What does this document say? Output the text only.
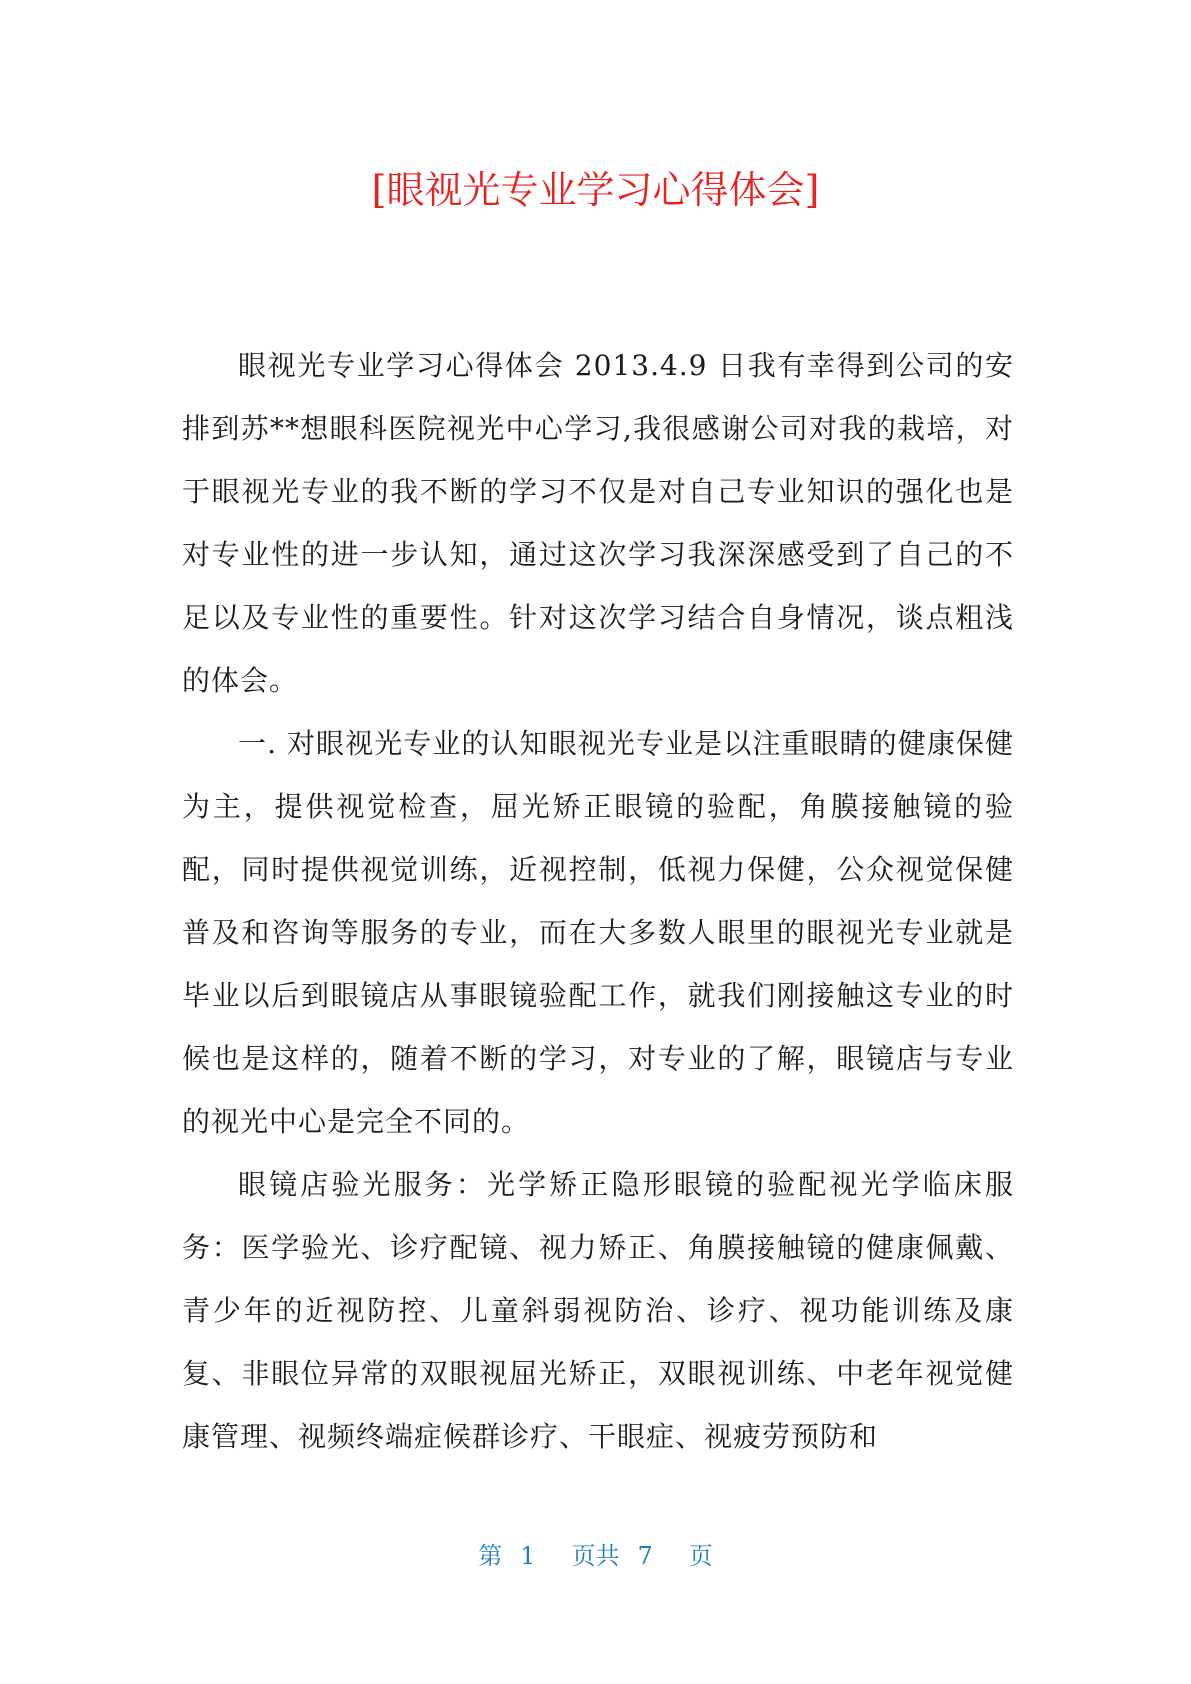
[眼视光专业学习心得体会]

眼视光专业学习心得体会 2013.4.9 日我有幸得到公司的安排到苏**想眼科医院视光中心学习,我很感谢公司对我的栽培，对于眼视光专业的我不断的学习不仅是对自己专业知识的强化也是对专业性的进一步认知，通过这次学习我深深感受到了自己的不足以及专业性的重要性。针对这次学习结合自身情况，谈点粗浅的体会。

一. 对眼视光专业的认知眼视光专业是以注重眼睛的健康保健为主，提供视觉检查，屈光矫正眼镜的验配，角膜接触镜的验配，同时提供视觉训练，近视控制，低视力保健，公众视觉保健普及和咨询等服务的专业，而在大多数人眼里的眼视光专业就是毕业以后到眼镜店从事眼镜验配工作，就我们刚接触这专业的时候也是这样的，随着不断的学习，对专业的了解，眼镜店与专业的视光中心是完全不同的。

眼镜店验光服务：光学矫正隐形眼镜的验配视光学临床服务：医学验光、诊疗配镜、视力矫正、角膜接触镜的健康佩戴、青少年的近视防控、儿童斜弱视防治、诊疗、视功能训练及康复、非眼位异常的双眼视屈光矫正，双眼视训练、中老年视觉健康管理、视频终端症候群诊疗、干眼症、视疲劳预防和

第 1 页共 7 页
